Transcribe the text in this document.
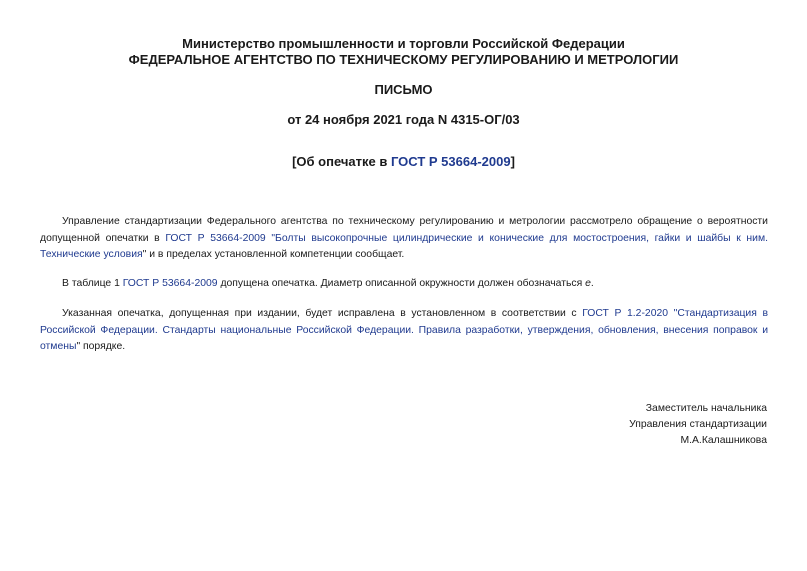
Министерство промышленности и торговли Российской Федерации
ФЕДЕРАЛЬНОЕ АГЕНТСТВО ПО ТЕХНИЧЕСКОМУ РЕГУЛИРОВАНИЮ И МЕТРОЛОГИИ
ПИСЬМО
от 24 ноября 2021 года N 4315-ОГ/03
[Об опечатке в ГОСТ Р 53664-2009]

Управление стандартизации Федерального агентства по техническому регулированию и метрологии рассмотрело обращение о вероятности допущенной опечатки в ГОСТ Р 53664-2009 "Болты высокопрочные цилиндрические и конические для мостостроения, гайки и шайбы к ним. Технические условия" и в пределах установленной компетенции сообщает.

В таблице 1 ГОСТ Р 53664-2009 допущена опечатка. Диаметр описанной окружности должен обозначаться е.

Указанная опечатка, допущенная при издании, будет исправлена в установленном в соответствии с ГОСТ Р 1.2-2020 "Стандартизация в Российской Федерации. Стандарты национальные Российской Федерации. Правила разработки, утверждения, обновления, внесения поправок и отмены" порядке.

Заместитель начальника
Управления стандартизации
М.А.Калашникова
